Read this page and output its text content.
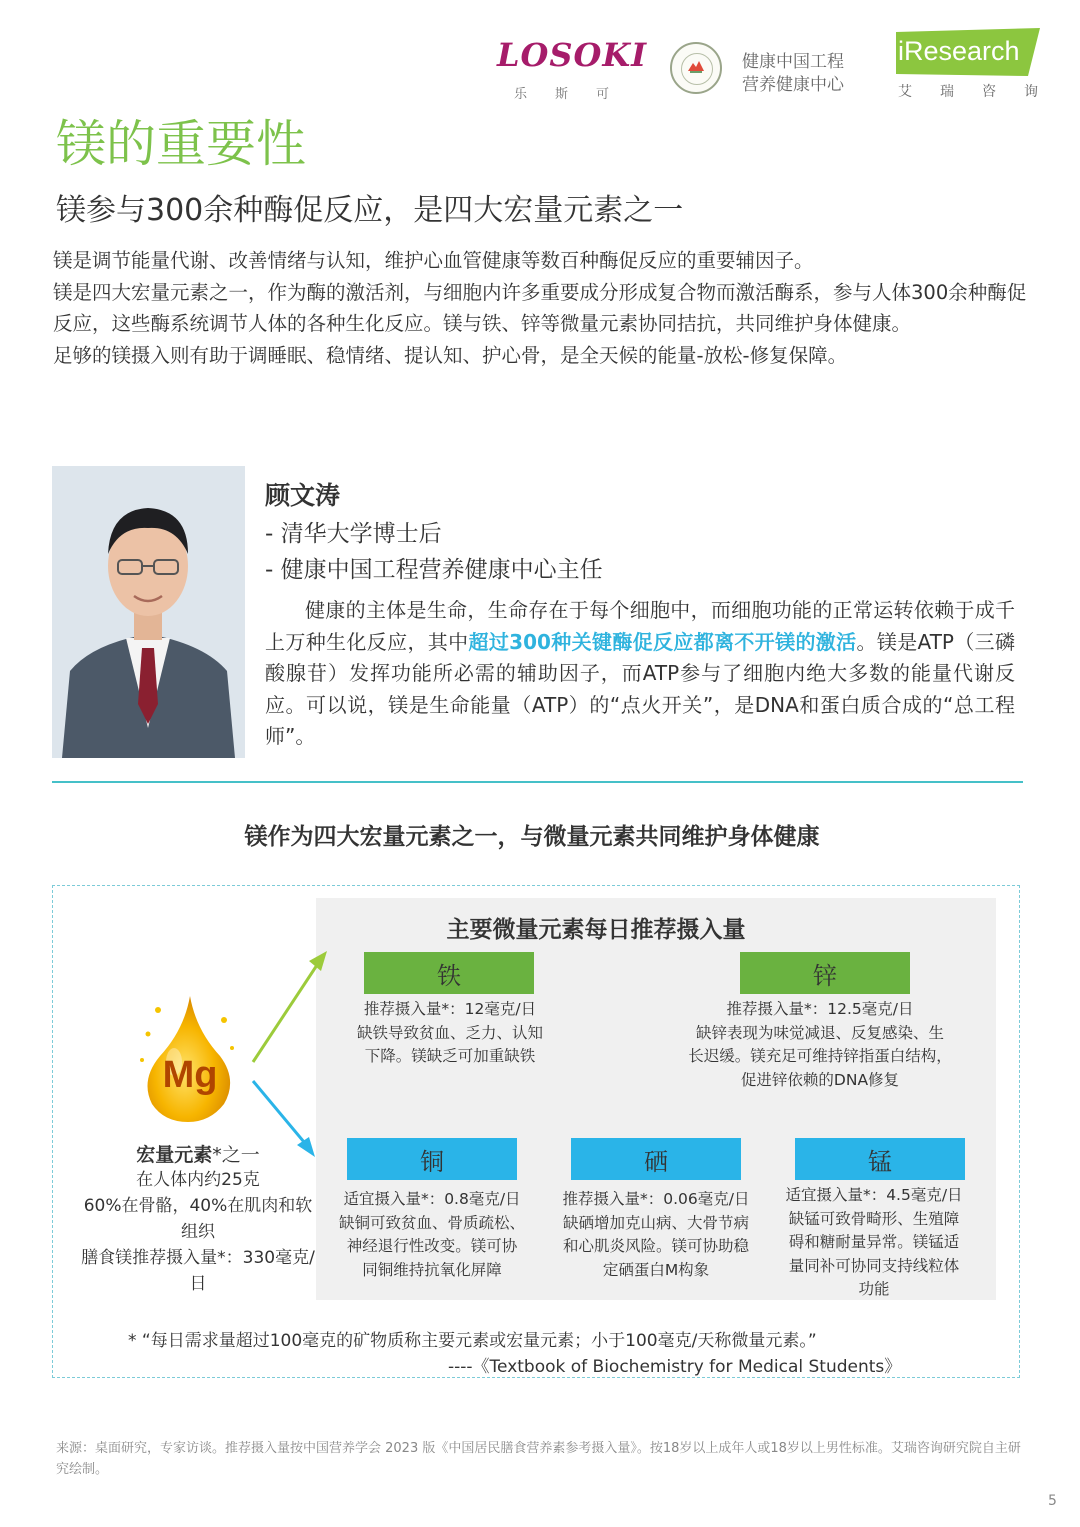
LOSOKI
乐斯可
健康中国工程
营养健康中心
iResearch
艾瑞咨询
镁的重要性
镁参与300余种酶促反应，是四大宏量元素之一

镁是调节能量代谢、改善情绪与认知，维护心血管健康等数百种酶促反应的重要辅因子。

镁是四大宏量元素之一，作为酶的激活剂，与细胞内许多重要成分形成复合物而激活酶系，参与人体300余种酶促反应，这些酶系统调节人体的各种生化反应。镁与铁、锌等微量元素协同拮抗，共同维护身体健康。

足够的镁摄入则有助于调睡眠、稳情绪、提认知、护心骨，是全天候的能量-放松-修复保障。

顾文涛
- 清华大学博士后
- 健康中国工程营养健康中心主任
健康的主体是生命，生命存在于每个细胞中，而细胞功能的正常运转依赖于成千上万种生化反应，其中超过300种关键酶促反应都离不开镁的激活。镁是ATP（三磷酸腺苷）发挥功能所必需的辅助因子，而ATP参与了细胞内绝大多数的能量代谢反应。可以说，镁是生命能量（ATP）的“点火开关”，是DNA和蛋白质合成的“总工程师”。
镁作为四大宏量元素之一，与微量元素共同维护身体健康
主要微量元素每日推荐摄入量
Mg
宏量元素*之一
在人体内约25克
60%在骨骼，40%在肌肉和软组织
膳食镁推荐摄入量*：330毫克/日
铁
推荐摄入量*：12毫克/日
缺铁导致贫血、乏力、认知
下降。镁缺乏可加重缺铁
锌
推荐摄入量*：12.5毫克/日
缺锌表现为味觉减退、反复感染、生
长迟缓。镁充足可维持锌指蛋白结构，
促进锌依赖的DNA修复
铜
适宜摄入量*：0.8毫克/日
缺铜可致贫血、骨质疏松、
神经退行性改变。镁可协
同铜维持抗氧化屏障
硒
推荐摄入量*：0.06毫克/日
缺硒增加克山病、大骨节病
和心肌炎风险。镁可协助稳
定硒蛋白M构象
锰
适宜摄入量*：4.5毫克/日
缺锰可致骨畸形、生殖障
碍和糖耐量异常。镁锰适
量同补可协同支持线粒体
功能
* “每日需求量超过100毫克的矿物质称主要元素或宏量元素；小于100毫克/天称微量元素。”
----《Textbook of Biochemistry for Medical Students》
来源：桌面研究，专家访谈。推荐摄入量按中国营养学会 2023 版《中国居民膳食营养素参考摄入量》。按18岁以上成年人或18岁以上男性标准。艾瑞咨询研究院自主研究绘制。
5
